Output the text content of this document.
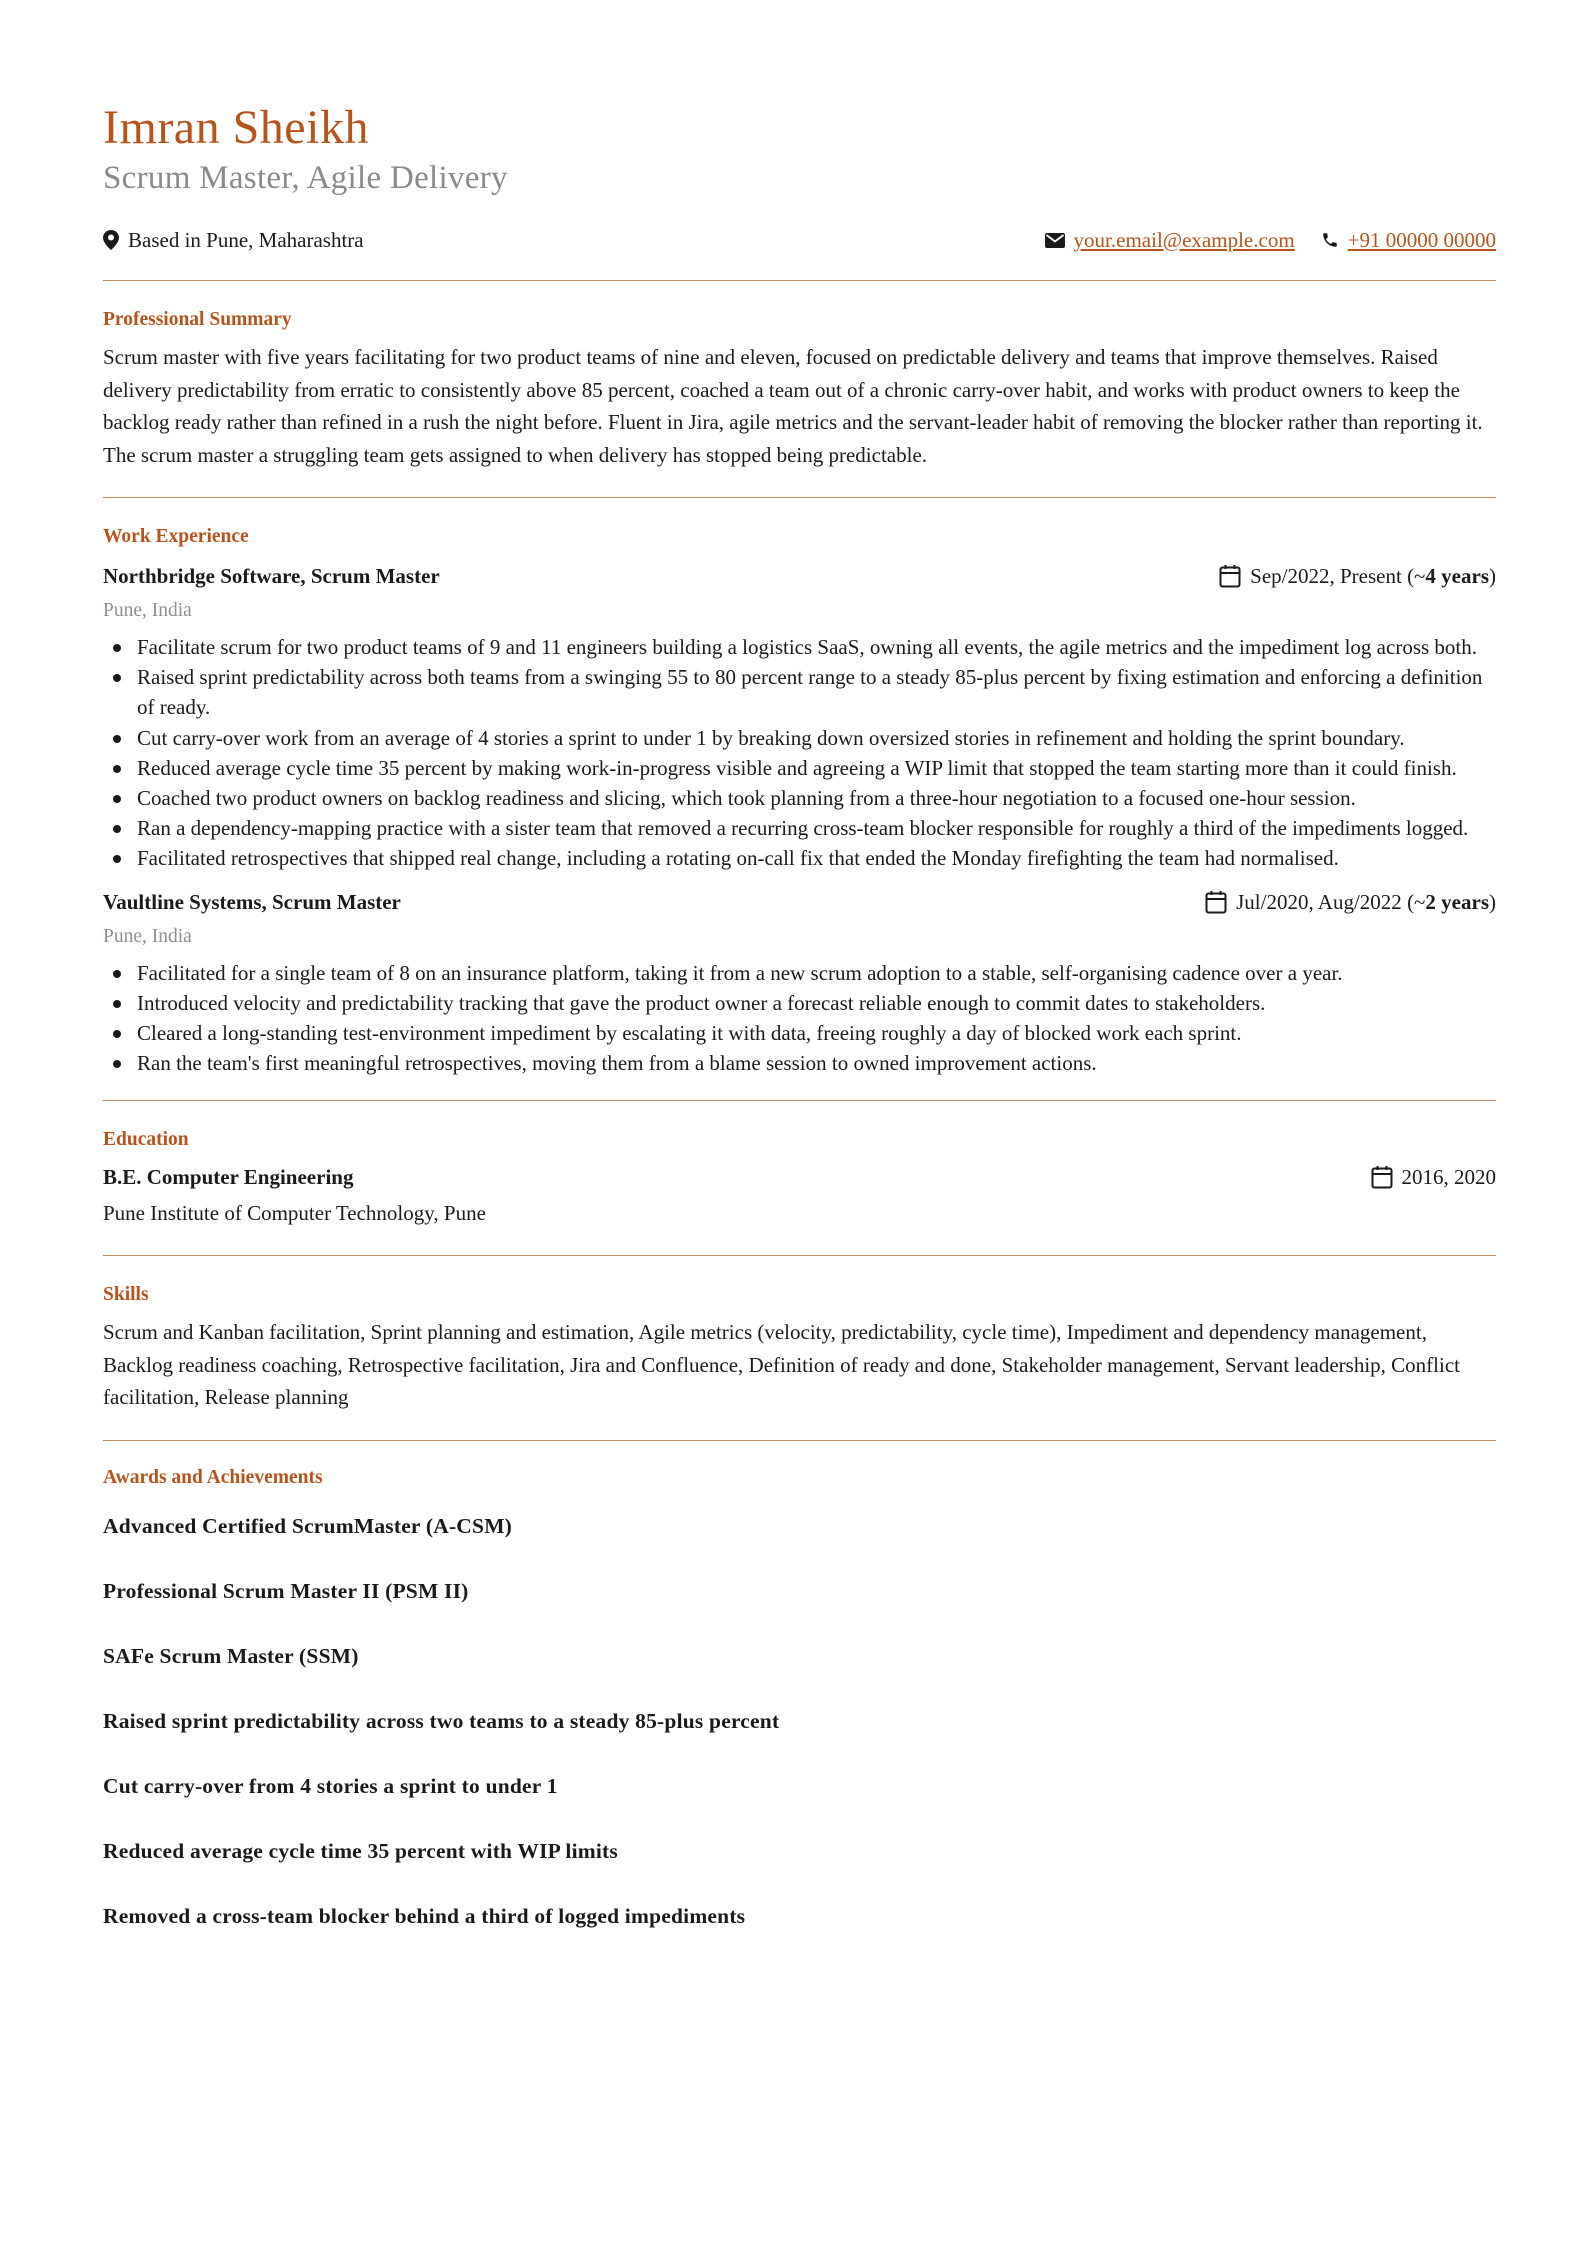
Imran Sheikh
Scrum Master, Agile Delivery
Based in Pune, Maharashtra	your.email@example.com	+91 00000 00000
Professional Summary

Scrum master with five years facilitating for two product teams of nine and eleven, focused on predictable delivery and teams that improve themselves. Raised delivery predictability from erratic to consistently above 85 percent, coached a team out of a chronic carry-over habit, and works with product owners to keep the backlog ready rather than refined in a rush the night before. Fluent in Jira, agile metrics and the servant-leader habit of removing the blocker rather than reporting it. The scrum master a struggling team gets assigned to when delivery has stopped being predictable.

Work Experience
Northbridge Software, Scrum Master	Sep/2022, Present (~ 4 years )
Pune, India
Facilitate scrum for two product teams of 9 and 11 engineers building a logistics SaaS, owning all events, the agile metrics and the impediment log across both.
Raised sprint predictability across both teams from a swinging 55 to 80 percent range to a steady 85-plus percent by fixing estimation and enforcing a definition of ready.
Cut carry-over work from an average of 4 stories a sprint to under 1 by breaking down oversized stories in refinement and holding the sprint boundary.
Reduced average cycle time 35 percent by making work-in-progress visible and agreeing a WIP limit that stopped the team starting more than it could finish.
Coached two product owners on backlog readiness and slicing, which took planning from a three-hour negotiation to a focused one-hour session.
Ran a dependency-mapping practice with a sister team that removed a recurring cross-team blocker responsible for roughly a third of the impediments logged.
Facilitated retrospectives that shipped real change, including a rotating on-call fix that ended the Monday firefighting the team had normalised.
Vaultline Systems, Scrum Master	Jul/2020, Aug/2022 (~ 2 years )
Pune, India
Facilitated for a single team of 8 on an insurance platform, taking it from a new scrum adoption to a stable, self-organising cadence over a year.
Introduced velocity and predictability tracking that gave the product owner a forecast reliable enough to commit dates to stakeholders.
Cleared a long-standing test-environment impediment by escalating it with data, freeing roughly a day of blocked work each sprint.
Ran the team's first meaningful retrospectives, moving them from a blame session to owned improvement actions.
Education
B.E. Computer Engineering	2016, 2020
Pune Institute of Computer Technology, Pune
Skills

Scrum and Kanban facilitation, Sprint planning and estimation, Agile metrics (velocity, predictability, cycle time), Impediment and dependency management, Backlog readiness coaching, Retrospective facilitation, Jira and Confluence, Definition of ready and done, Stakeholder management, Servant leadership, Conflict facilitation, Release planning

Awards and Achievements
Advanced Certified ScrumMaster (A-CSM)
Professional Scrum Master II (PSM II)
SAFe Scrum Master (SSM)
Raised sprint predictability across two teams to a steady 85-plus percent
Cut carry-over from 4 stories a sprint to under 1
Reduced average cycle time 35 percent with WIP limits
Removed a cross-team blocker behind a third of logged impediments
